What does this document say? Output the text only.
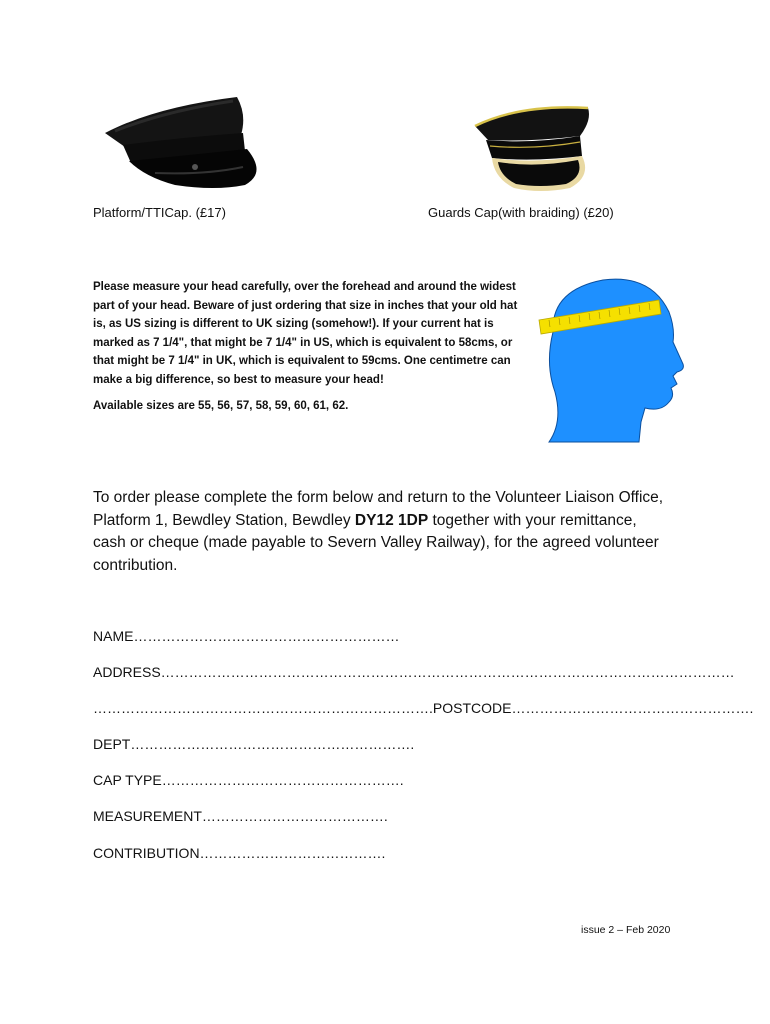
Platform/TTICap. (£17)	Guards Cap(with braiding) (£20)
Please measure your head carefully, over the forehead and around the widest part of your head. Beware of just ordering that size in inches that your old hat is, as US sizing is different to UK sizing (somehow!). If your current hat is marked as 7 1/4", that might be 7 1/4" in US, which is equivalent to 58cms, or that might be 7 1/4" in UK, which is equivalent to 59cms. One centimetre can make a big difference, so best to measure your head!
Available sizes are 55, 56, 57, 58, 59, 60, 61, 62.
To order please complete the form below and return to the Volunteer Liaison Office, Platform 1, Bewdley Station, Bewdley DY12 1DP together with your remittance, cash or cheque (made payable to Severn Valley Railway), for the agreed volunteer contribution.
NAME…………………………………………………
ADDRESS……………………………………………………………………………………………………………
……………………………………………………………….POSTCODE…………………………………………….
DEPT…………………………………………………….
CAP TYPE…………………………………………….
MEASUREMENT………………………………….
CONTRIBUTION………………………………….
issue 2 – Feb 2020
